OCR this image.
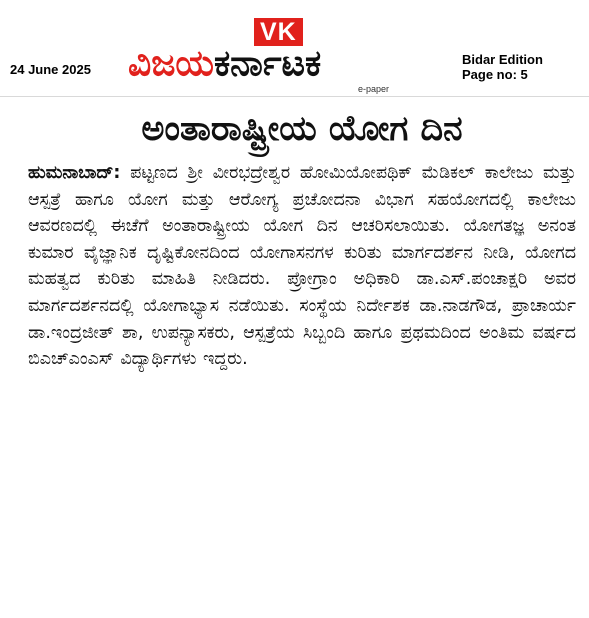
24 June 2025
VK
ವಿಜಯಕರ್ನಾಟಕ
e-paper
Bidar Edition
Page no: 5
ಅಂತಾರಾಷ್ಟ್ರೀಯ ಯೋಗ ದಿನ

ಹುಮನಾಬಾದ್: ಪಟ್ಟಣದ ಶ್ರೀ ವೀರಭದ್ರೇಶ್ವರ ಹೋಮಿಯೋಪಥಿಕ್ ಮೆಡಿಕಲ್ ಕಾಲೇಜು ಮತ್ತು ಆಸ್ಪತ್ರೆ ಹಾಗೂ ಯೋಗ ಮತ್ತು ಆರೋಗ್ಯ ಪ್ರಚೋದನಾ ವಿಭಾಗ ಸಹಯೋಗದಲ್ಲಿ ಕಾಲೇಜು ಆವರಣದಲ್ಲಿ ಈಚೆಗೆ ಅಂತಾರಾಷ್ಟ್ರೀಯ ಯೋಗ ದಿನ ಆಚರಿಸಲಾಯಿತು. ಯೋಗತಜ್ಞ ಅನಂತ ಕುಮಾರ ವೈಜ್ಞಾನಿಕ ದೃಷ್ಟಿಕೋನದಿಂದ ಯೋಗಾಸನಗಳ ಕುರಿತು ಮಾರ್ಗದರ್ಶನ ನೀಡಿ, ಯೋಗದ ಮಹತ್ವದ ಕುರಿತು ಮಾಹಿತಿ ನೀಡಿದರು. ಪ್ರೋಗ್ರಾಂ ಅಧಿಕಾರಿ ಡಾ.ಎಸ್.ಪಂಚಾಕ್ಷರಿ ಅವರ ಮಾರ್ಗದರ್ಶನದಲ್ಲಿ ಯೋಗಾಭ್ಯಾಸ ನಡೆಯಿತು. ಸಂಸ್ಥೆಯ ನಿರ್ದೇಶಕ ಡಾ.ನಾಡಗೌಡ, ಪ್ರಾಚಾರ್ಯ ಡಾ.ಇಂದ್ರಜೀತ್ ಶಾ, ಉಪನ್ಯಾಸಕರು, ಆಸ್ಪತ್ರೆಯ ಸಿಬ್ಬಂದಿ ಹಾಗೂ ಪ್ರಥಮದಿಂದ ಅಂತಿಮ ವರ್ಷದ ಬಿಎಚ್‌ಎಂಎಸ್ ವಿದ್ಯಾರ್ಥಿಗಳು ಇದ್ದರು.
